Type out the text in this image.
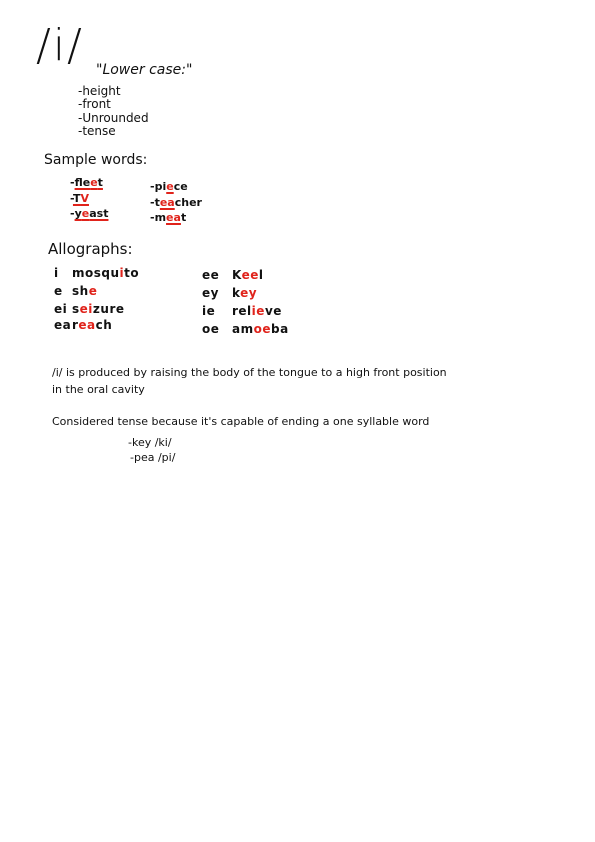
/i/ "Lower case:"
-height
-front
-Unrounded
-tense
Sample words:
-fleet
-TV
-yeast
-piece
-teacher
-meat
Allographs:
i mosquito
e she
ei seizure
eareach
ee Keel
ey key
ie relieve
oe amoeba
/i/ is produced by raising the body of the tongue to a high front position
in the oral cavity
Considered tense because it's capable of ending a one syllable word
-key /ki/
-pea /pi/
